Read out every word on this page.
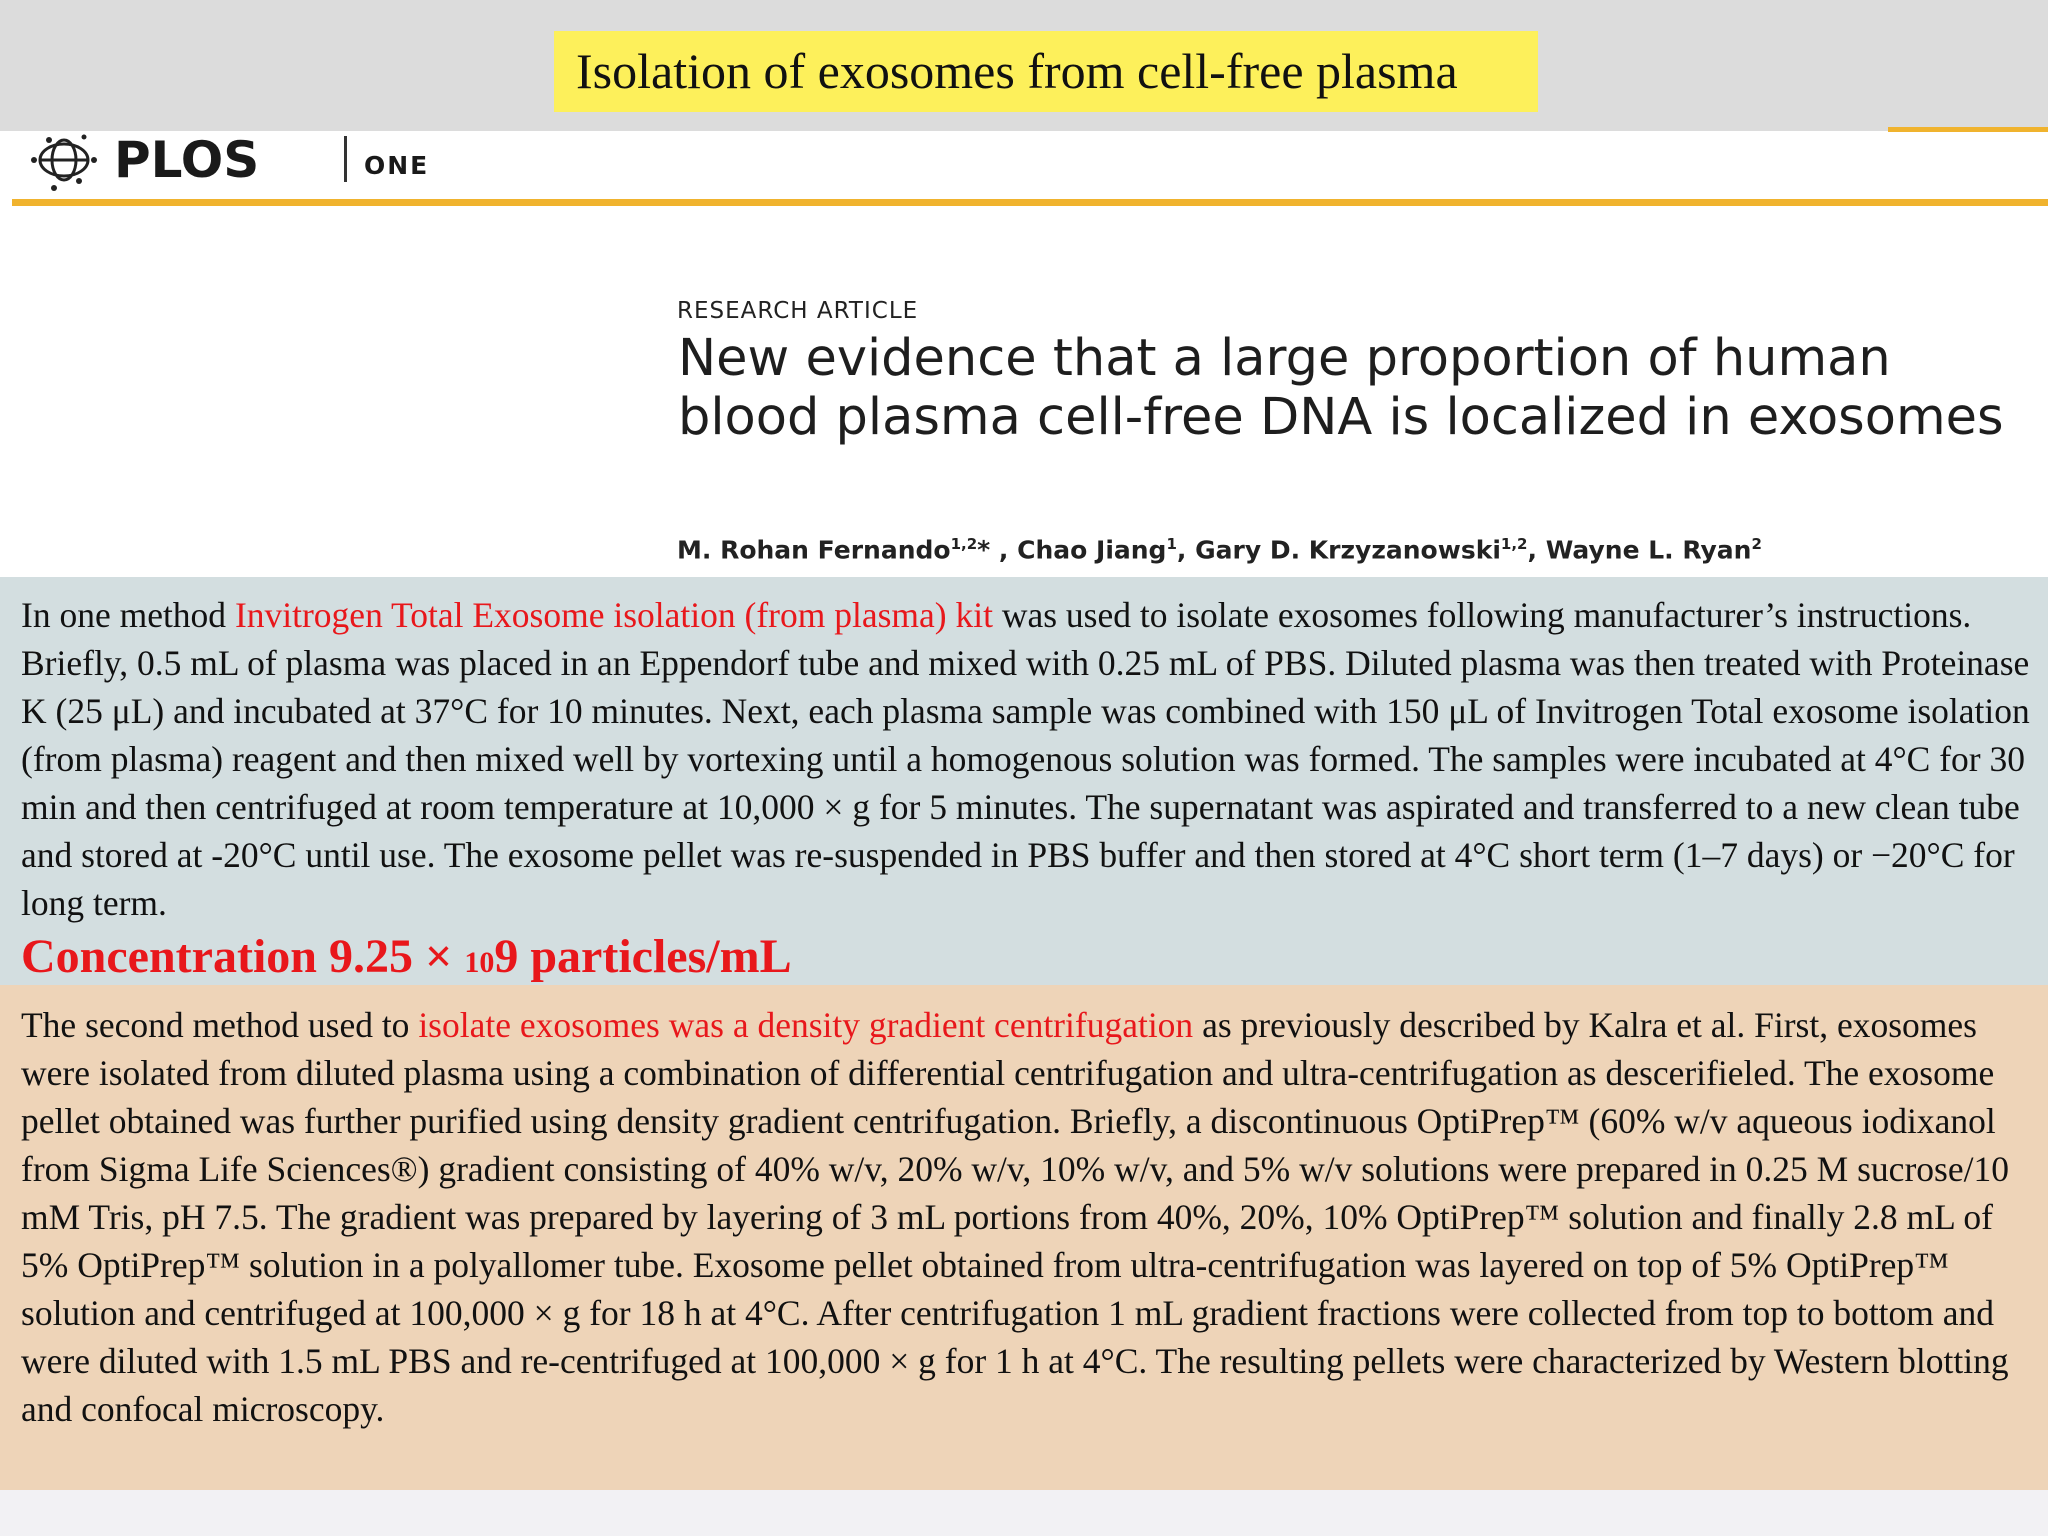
Isolation of exosomes from cell-free plasma
PLOS	ONE
RESEARCH ARTICLE
New evidence that a large proportion of human blood plasma cell-free DNA is localized in exosomes
M. Rohan Fernando$^{1,2}$* , Chao Jiang$^1$, Gary D. Krzyzanowski$^{1,2}$, Wayne L. Ryan$^2$

In one method Invitrogen Total Exosome isolation (from plasma) kit was used to isolate exosomes following manufacturer’s instructions. Briefly, 0.5 mL of plasma was placed in an Eppendorf tube and mixed with 0.25 mL of PBS. Diluted plasma was then treated with Proteinase K (25 μL) and incubated at 37°C for 10 minutes. Next, each plasma sample was combined with 150 μL of Invitrogen Total exosome isolation (from plasma) reagent and then mixed well by vortexing until a homogenous solution was formed. The samples were incubated at 4°C for 30 min and then centrifuged at room temperature at 10,000 × g for 5 minutes. The supernatant was aspirated and transferred to a new clean tube and stored at -20°C until use. The exosome pellet was re-suspended in PBS buffer and then stored at 4°C short term (1–7 days) or −20°C for long term.

Concentration 9.25 × 109 particles/mL

The second method used to isolate exosomes was a density gradient centrifugation as previously described by Kalra et al. First, exosomes were isolated from diluted plasma using a combination of differential centrifugation and ultra-centrifugation as descerifieled. The exosome pellet obtained was further purified using density gradient centrifugation. Briefly, a discontinuous OptiPrep™ (60% w/v aqueous iodixanol from Sigma Life Sciences®) gradient consisting of 40% w/v, 20% w/v, 10% w/v, and 5% w/v solutions were prepared in 0.25 M sucrose/10 mM Tris, pH 7.5. The gradient was prepared by layering of 3 mL portions from 40%, 20%, 10% OptiPrep™ solution and finally 2.8 mL of 5% OptiPrep™ solution in a polyallomer tube. Exosome pellet obtained from ultra-centrifugation was layered on top of 5% OptiPrep™ solution and centrifuged at 100,000 × g for 18 h at 4°C. After centrifugation 1 mL gradient fractions were collected from top to bottom and were diluted with 1.5 mL PBS and re-centrifuged at 100,000 × g for 1 h at 4°C. The resulting pellets were characterized by Western blotting and confocal microscopy.
